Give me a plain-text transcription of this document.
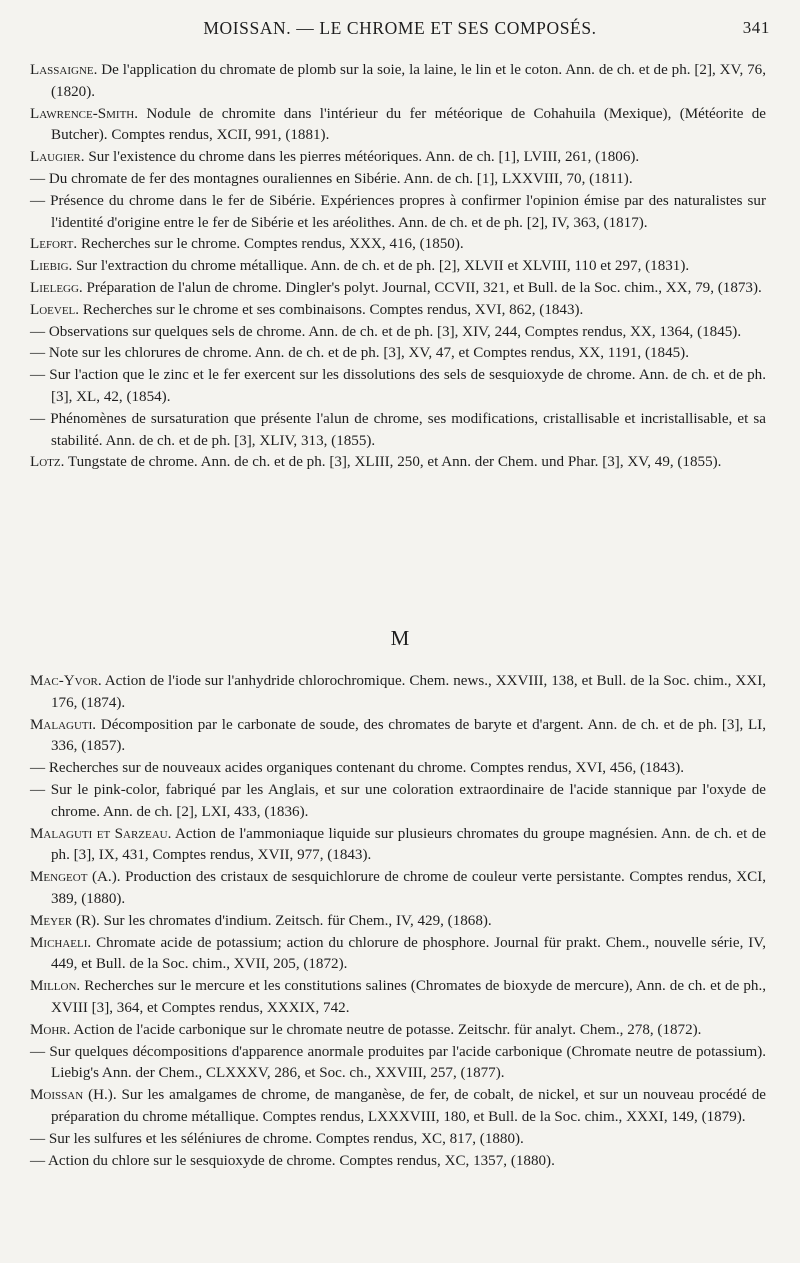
MOISSAN. — LE CHROME ET SES COMPOSÉS.	341
Lassaigne. De l'application du chromate de plomb sur la soie, la laine, le lin et le coton. Ann. de ch. et de ph. [2], XV, 76, (1820).
Lawrence-Smith. Nodule de chromite dans l'intérieur du fer météorique de Cohahuila (Mexique), (Météorite de Butcher). Comptes rendus, XCII, 991, (1881).
Laugier. Sur l'existence du chrome dans les pierres météoriques. Ann. de ch. [1], LVIII, 261, (1806).
— Du chromate de fer des montagnes ouraliennes en Sibérie. Ann. de ch. [1], LXXVIII, 70, (1811).
— Présence du chrome dans le fer de Sibérie. Expériences propres à confirmer l'opinion émise par des naturalistes sur l'identité d'origine entre le fer de Sibérie et les aréolithes. Ann. de ch. et de ph. [2], IV, 363, (1817).
Lefort. Recherches sur le chrome. Comptes rendus, XXX, 416, (1850).
Liebig. Sur l'extraction du chrome métallique. Ann. de ch. et de ph. [2], XLVII et XLVIII, 110 et 297, (1831).
Lielegg. Préparation de l'alun de chrome. Dingler's polyt. Journal, CCVII, 321, et Bull. de la Soc. chim., XX, 79, (1873).
Loevel. Recherches sur le chrome et ses combinaisons. Comptes rendus, XVI, 862, (1843).
— Observations sur quelques sels de chrome. Ann. de ch. et de ph. [3], XIV, 244, Comptes rendus, XX, 1364, (1845).
— Note sur les chlorures de chrome. Ann. de ch. et de ph. [3], XV, 47, et Comptes rendus, XX, 1191, (1845).
— Sur l'action que le zinc et le fer exercent sur les dissolutions des sels de sesquioxyde de chrome. Ann. de ch. et de ph. [3], XL, 42, (1854).
— Phénomènes de sursaturation que présente l'alun de chrome, ses modifications, cristallisable et incristallisable, et sa stabilité. Ann. de ch. et de ph. [3], XLIV, 313, (1855).
Lotz. Tungstate de chrome. Ann. de ch. et de ph. [3], XLIII, 250, et Ann. der Chem. und Phar. [3], XV, 49, (1855).
M
Mac-Yvor. Action de l'iode sur l'anhydride chlorochromique. Chem. news., XXVIII, 138, et Bull. de la Soc. chim., XXI, 176, (1874).
Malaguti. Décomposition par le carbonate de soude, des chromates de baryte et d'argent. Ann. de ch. et de ph. [3], LI, 336, (1857).
— Recherches sur de nouveaux acides organiques contenant du chrome. Comptes rendus, XVI, 456, (1843).
— Sur le pink-color, fabriqué par les Anglais, et sur une coloration extraordinaire de l'acide stannique par l'oxyde de chrome. Ann. de ch. [2], LXI, 433, (1836).
Malaguti et Sarzeau. Action de l'ammoniaque liquide sur plusieurs chromates du groupe magnésien. Ann. de ch. et de ph. [3], IX, 431, Comptes rendus, XVII, 977, (1843).
Mengeot (A.). Production des cristaux de sesquichlorure de chrome de couleur verte persistante. Comptes rendus, XCI, 389, (1880).
Meyer (R). Sur les chromates d'indium. Zeitsch. für Chem., IV, 429, (1868).
Michaeli. Chromate acide de potassium; action du chlorure de phosphore. Journal für prakt. Chem., nouvelle série, IV, 449, et Bull. de la Soc. chim., XVII, 205, (1872).
Millon. Recherches sur le mercure et les constitutions salines (Chromates de bioxyde de mercure), Ann. de ch. et de ph., XVIII [3], 364, et Comptes rendus, XXXIX, 742.
Mohr. Action de l'acide carbonique sur le chromate neutre de potasse. Zeitschr. für analyt. Chem., 278, (1872).
— Sur quelques décompositions d'apparence anormale produites par l'acide carbonique (Chromate neutre de potassium). Liebig's Ann. der Chem., CLXXXV, 286, et Soc. ch., XXVIII, 257, (1877).
Moissan (H.). Sur les amalgames de chrome, de manganèse, de fer, de cobalt, de nickel, et sur un nouveau procédé de préparation du chrome métallique. Comptes rendus, LXXXVIII, 180, et Bull. de la Soc. chim., XXXI, 149, (1879).
— Sur les sulfures et les séléniures de chrome. Comptes rendus, XC, 817, (1880).
— Action du chlore sur le sesquioxyde de chrome. Comptes rendus, XC, 1357, (1880).
